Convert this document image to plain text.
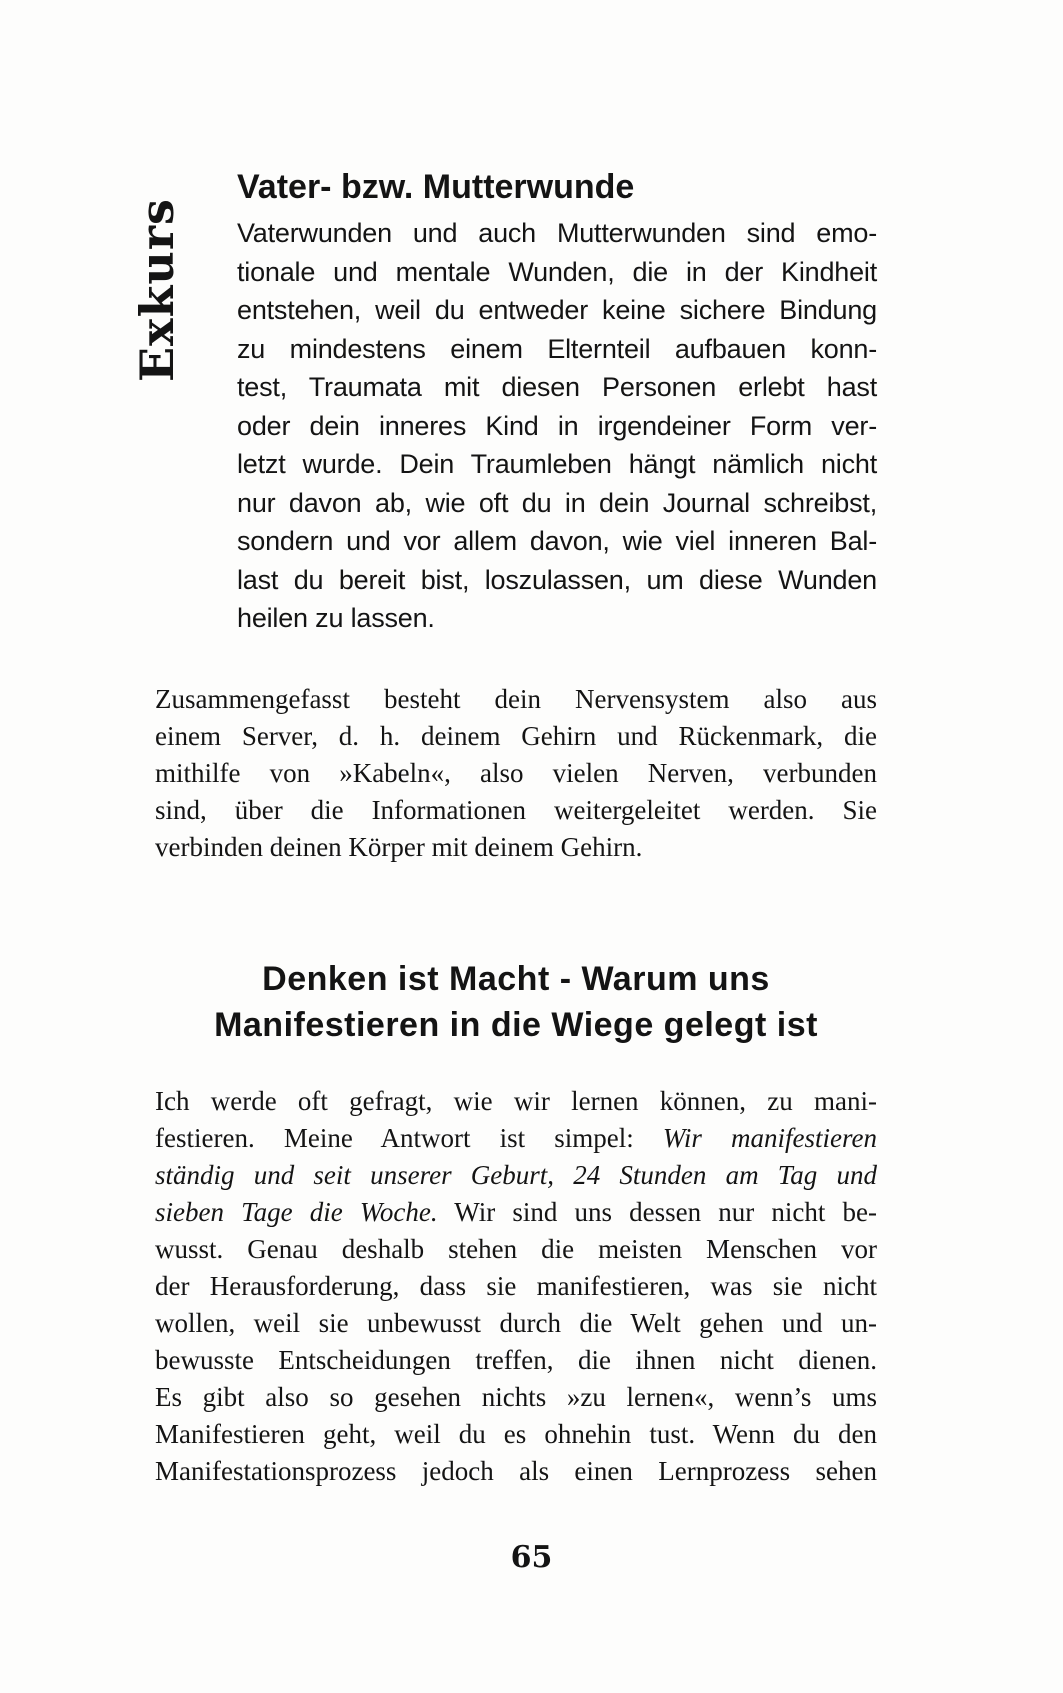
Exkurs
Vater- bzw. Mutterwunde
Vaterwunden und auch Mutterwunden sind emo-
tionale und mentale Wunden, die in der Kindheit
entstehen, weil du entweder keine sichere Bindung
zu mindestens einem Elternteil aufbauen konn-
test, Traumata mit diesen Personen erlebt hast
oder dein inneres Kind in irgendeiner Form ver-
letzt wurde. Dein Traumleben hängt nämlich nicht
nur davon ab, wie oft du in dein Journal schreibst,
sondern und vor allem davon, wie viel inneren Bal-
last du bereit bist, loszulassen, um diese Wunden
heilen zu lassen.
Zusammengefasst besteht dein Nervensystem also aus
einem Server, d. h. deinem Gehirn und Rückenmark, die
mithilfe von »Kabeln«, also vielen Nerven, verbunden
sind, über die Informationen weitergeleitet werden. Sie
verbinden deinen Körper mit deinem Gehirn.
Denken ist Macht - Warum uns
Manifestieren in die Wiege gelegt ist
Ich werde oft gefragt, wie wir lernen können, zu mani-
festieren. Meine Antwort ist simpel: Wir manifestieren
ständig und seit unserer Geburt, 24 Stunden am Tag und
sieben Tage die Woche. Wir sind uns dessen nur nicht be-
wusst. Genau deshalb stehen die meisten Menschen vor
der Herausforderung, dass sie manifestieren, was sie nicht
wollen, weil sie unbewusst durch die Welt gehen und un-
bewusste Entscheidungen treffen, die ihnen nicht dienen.
Es gibt also so gesehen nichts »zu lernen«, wenn’s ums
Manifestieren geht, weil du es ohnehin tust. Wenn du den
Manifestationsprozess jedoch als einen Lernprozess sehen
65
